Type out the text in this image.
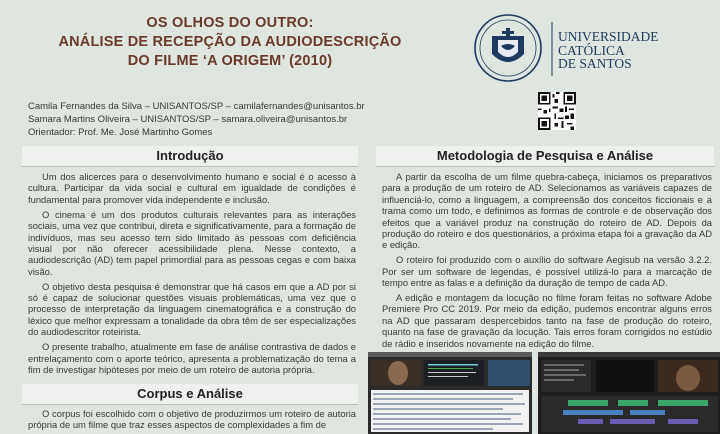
OS OLHOS DO OUTRO:
ANÁLISE DE RECEPÇÃO DA AUDIODESCRIÇÃO
DO FILME ‘A ORIGEM’ (2010)
UNIVERSIDADE
CATÓLICA
DE SANTOS
Camila Fernandes da Silva – UNISANTOS/SP – camilafernandes@unisantos.br
Samara Martins Oliveira – UNISANTOS/SP – samara.oliveira@unisantos.br
Orientador: Prof. Me. José Martinho Gomes
Introdução

Um dos alicerces para o desenvolvimento humano e social é o acesso à cultura. Participar da vida social e cultural em igualdade de condições é fundamental para promover vida independente e inclusão.

O cinema é um dos produtos culturais relevantes para as interações sociais, uma vez que contribui, direta e significativamente, para a formação de indivíduos, mas seu acesso tem sido limitado às pessoas com deficiência visual por não oferecer acessibilidade plena. Nesse contexto, a audiodescrição (AD) tem papel primordial para as pessoas cegas e com baixa visão.

O objetivo desta pesquisa é demonstrar que há casos em que a AD por si só é capaz de solucionar questões visuais problemáticas, uma vez que o processo de interpretação da linguagem cinematográfica e a construção do léxico que melhor expressam a tonalidade da obra têm de ser especializações do audiodescritor roteirista.

O presente trabalho, atualmente em fase de análise contrastiva de dados e entrelaçamento com o aporte teórico, apresenta a problematização do tema a fim de investigar hipóteses por meio de um roteiro de autoria própria.

Corpus e Análise

O corpus foi escolhido com o objetivo de produzirmos um roteiro de autoria própria de um filme que traz esses aspectos de complexidades a fim de

Metodologia de Pesquisa e Análise

A partir da escolha de um filme quebra-cabeça, iniciamos os preparativos para a produção de um roteiro de AD. Selecionamos as variáveis capazes de influenciá-lo, como a linguagem, a compreensão dos conceitos ficcionais e a trama como um todo, e definimos as formas de controle e de observação dos efeitos que a variável produz na construção do roteiro de AD. Depois da produção do roteiro e dos questionários, a próxima etapa foi a gravação da AD e edição.

O roteiro foi produzido com o auxílio do software Aegisub na versão 3.2.2. Por ser um software de legendas, é possível utilizá-lo para a marcação de tempo entre as falas e a definição da duração de tempo de cada AD.

A edição e montagem da locução no filme foram feitas no software Adobe Premiere Pro CC 2019. Por meio da edição, pudemos encontrar alguns erros na AD que passaram despercebidos tanto na fase de produção do roteiro, quanto na fase de gravação da locução. Tais erros foram corrigidos no estúdio de rádio e inseridos novamente na edição do filme.
